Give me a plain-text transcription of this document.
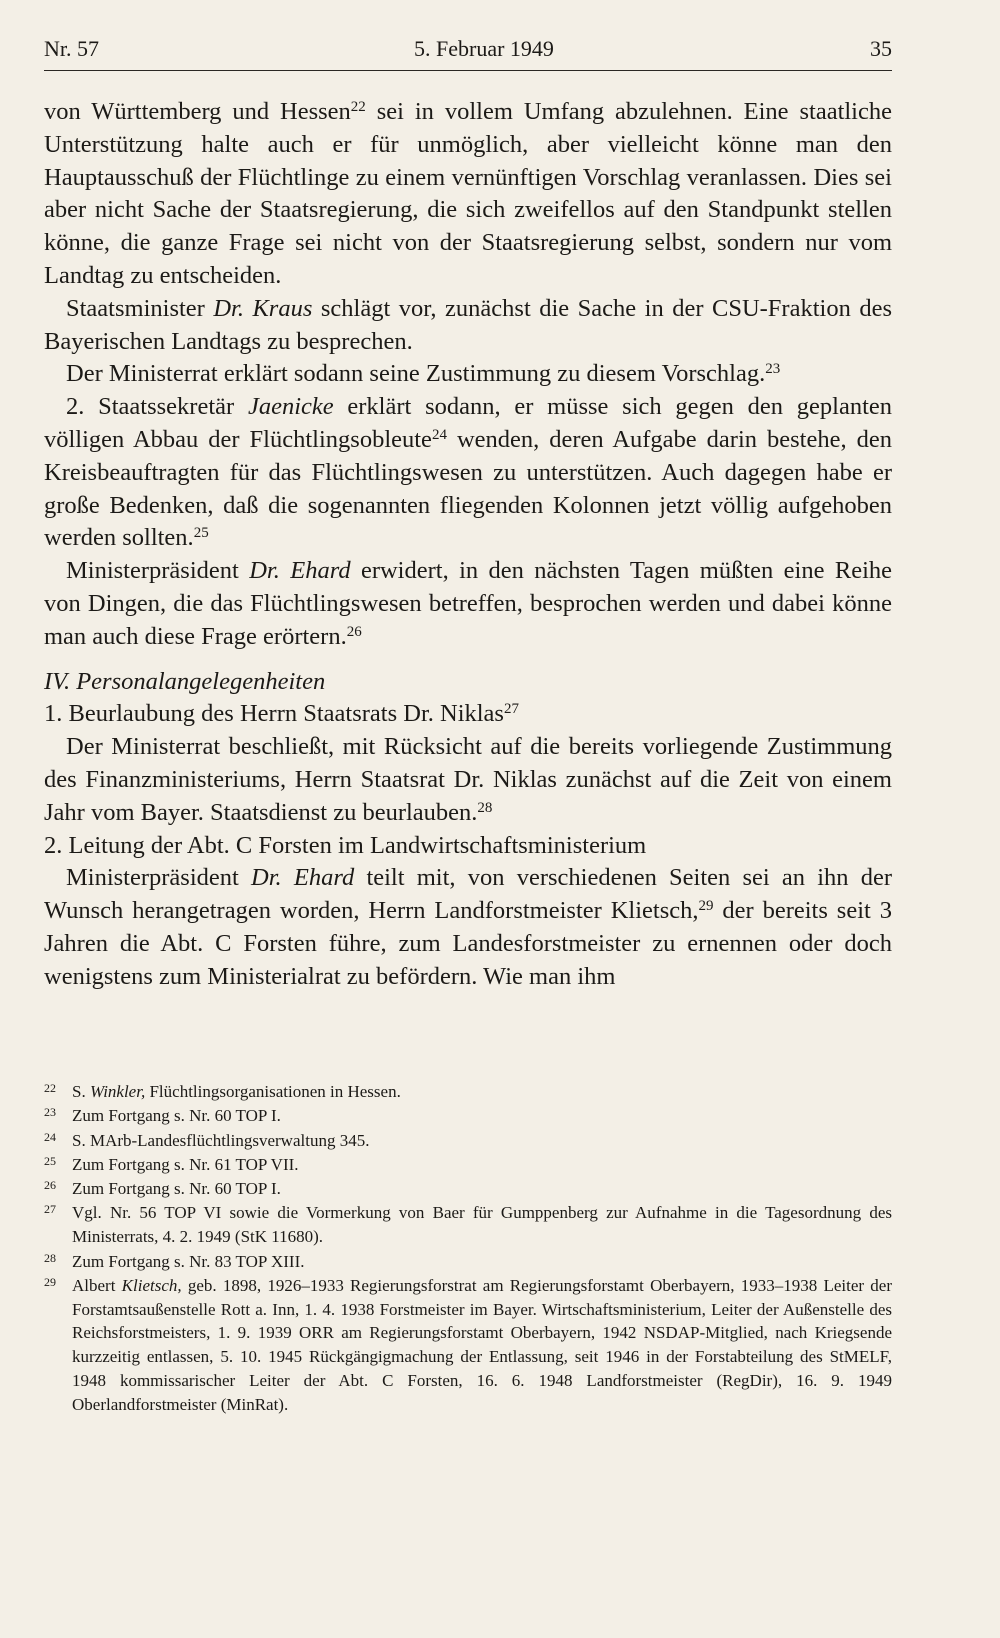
Nr. 57	5. Februar 1949	35

von Württemberg und Hessen$^{22}$ sei in vollem Umfang abzulehnen. Eine staatliche Unterstützung halte auch er für unmöglich, aber vielleicht könne man den Hauptausschuß der Flüchtlinge zu einem vernünftigen Vorschlag veranlassen. Dies sei aber nicht Sache der Staatsregierung, die sich zweifellos auf den Standpunkt stellen könne, die ganze Frage sei nicht von der Staatsregierung selbst, sondern nur vom Landtag zu entscheiden.

Staatsminister Dr. Kraus schlägt vor, zunächst die Sache in der CSU-Fraktion des Bayerischen Landtags zu besprechen.

Der Ministerrat erklärt sodann seine Zustimmung zu diesem Vorschlag.$^{23}$

2. Staatssekretär Jaenicke erklärt sodann, er müsse sich gegen den geplanten völligen Abbau der Flüchtlingsobleute$^{24}$ wenden, deren Aufgabe darin bestehe, den Kreisbeauftragten für das Flüchtlingswesen zu unterstützen. Auch dagegen habe er große Bedenken, daß die sogenannten fliegenden Kolonnen jetzt völlig aufgehoben werden sollten.$^{25}$

Ministerpräsident Dr. Ehard erwidert, in den nächsten Tagen müßten eine Reihe von Dingen, die das Flüchtlingswesen betreffen, besprochen werden und dabei könne man auch diese Frage erörtern.$^{26}$

IV. Personalangelegenheiten

1. Beurlaubung des Herrn Staatsrats Dr. Niklas$^{27}$

Der Ministerrat beschließt, mit Rücksicht auf die bereits vorliegende Zustimmung des Finanzministeriums, Herrn Staatsrat Dr. Niklas zunächst auf die Zeit von einem Jahr vom Bayer. Staatsdienst zu beurlauben.$^{28}$

2. Leitung der Abt. C Forsten im Landwirtschaftsministerium

Ministerpräsident Dr. Ehard teilt mit, von verschiedenen Seiten sei an ihn der Wunsch herangetragen worden, Herrn Landforstmeister Klietsch,$^{29}$ der bereits seit 3 Jahren die Abt. C Forsten führe, zum Landesforstmeister zu ernennen oder doch wenigstens zum Ministerialrat zu befördern. Wie man ihm

22 S. Winkler, Flüchtlingsorganisationen in Hessen.
23 Zum Fortgang s. Nr. 60 TOP I.
24 S. MArb-Landesflüchtlingsverwaltung 345.
25 Zum Fortgang s. Nr. 61 TOP VII.
26 Zum Fortgang s. Nr. 60 TOP I.
27 Vgl. Nr. 56 TOP VI sowie die Vormerkung von Baer für Gumppenberg zur Aufnahme in die Tagesordnung des Ministerrats, 4. 2. 1949 (StK 11680).
28 Zum Fortgang s. Nr. 83 TOP XIII.
29 Albert Klietsch, geb. 1898, 1926–1933 Regierungsforstrat am Regierungsforstamt Oberbayern, 1933–1938 Leiter der Forstamtsaußenstelle Rott a. Inn, 1. 4. 1938 Forstmeister im Bayer. Wirtschaftsministerium, Leiter der Außenstelle des Reichsforstmeisters, 1. 9. 1939 ORR am Regierungsforstamt Oberbayern, 1942 NSDAP-Mitglied, nach Kriegsende kurzzeitig entlassen, 5. 10. 1945 Rückgängigmachung der Entlassung, seit 1946 in der Forstabteilung des StMELF, 1948 kommissarischer Leiter der Abt. C Forsten, 16. 6. 1948 Landforstmeister (RegDir), 16. 9. 1949 Oberlandforstmeister (MinRat).
